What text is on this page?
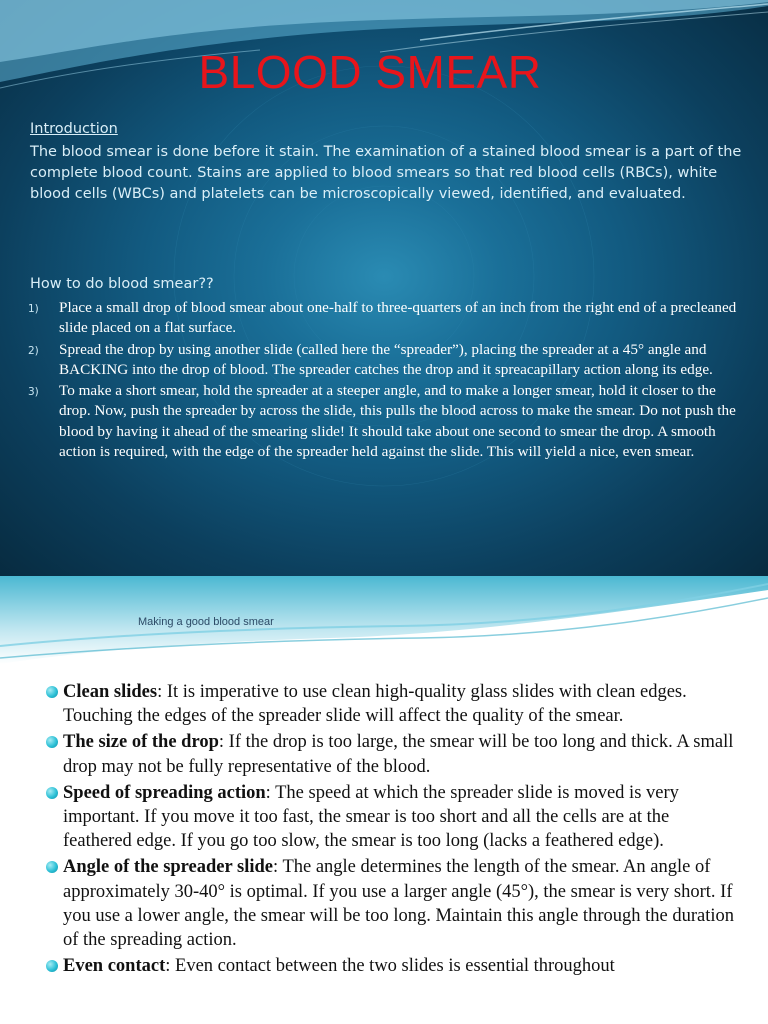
BLOOD SMEAR
Introduction
The blood smear is done before it stain. The examination of a stained blood smear is a part of the complete blood count. Stains are applied to blood smears so that red blood cells (RBCs), white blood cells (WBCs) and platelets can be microscopically viewed, identified, and evaluated.
How to do blood smear??
1) Place a small drop of blood smear about one-half to three-quarters of an inch from the right end of a precleaned slide placed on a flat surface.
2) Spread the drop by using another slide (called here the “spreader”), placing the spreader at a 45° angle and BACKING into the drop of blood. The spreader catches the drop and it spreacapillary action along its edge.
3) To make a short smear, hold the spreader at a steeper angle, and to make a longer smear, hold it closer to the drop. Now, push the spreader by across the slide, this pulls the blood across to make the smear. Do not push the blood by having it ahead of the smearing slide! It should take about one second to smear the drop. A smooth action is required, with the edge of the spreader held against the slide. This will yield a nice, even smear.
Making a good blood smear
Clean slides: It is imperative to use clean high-quality glass slides with clean edges. Touching the edges of the spreader slide will affect the quality of the smear.
The size of the drop: If the drop is too large, the smear will be too long and thick. A small drop may not be fully representative of the blood.
Speed of spreading action: The speed at which the spreader slide is moved is very important. If you move it too fast, the smear is too short and all the cells are at the feathered edge. If you go too slow, the smear is too long (lacks a feathered edge).
Angle of the spreader slide: The angle determines the length of the smear. An angle of approximately 30-40° is optimal. If you use a larger angle (45°), the smear is very short. If you use a lower angle, the smear will be too long. Maintain this angle through the duration of the spreading action.
Even contact: Even contact between the two slides is essential throughout
